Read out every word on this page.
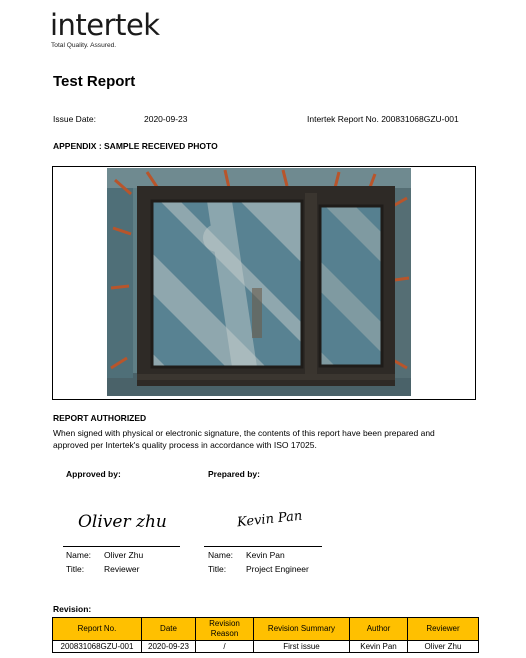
intertek
Total Quality. Assured.
Test Report
Issue Date:	2020-09-23	Intertek Report No. 200831068GZU-001
APPENDIX : SAMPLE RECEIVED PHOTO
REPORT AUTHORIZED
When signed with physical or electronic signature, the contents of this report have been prepared and
approved per Intertek's quality process in accordance with ISO 17025.
Approved by:
Oliver zhu
Name: Oliver Zhu
Title: Reviewer
Prepared by:
Kevin Pan
Name: Kevin Pan
Title: Project Engineer
Revision:
Report No.	Date	Revision Reason	Revision Summary	Author	Reviewer
200831068GZU-001	2020-09-23	/	First issue	Kevin Pan	Oliver Zhu
